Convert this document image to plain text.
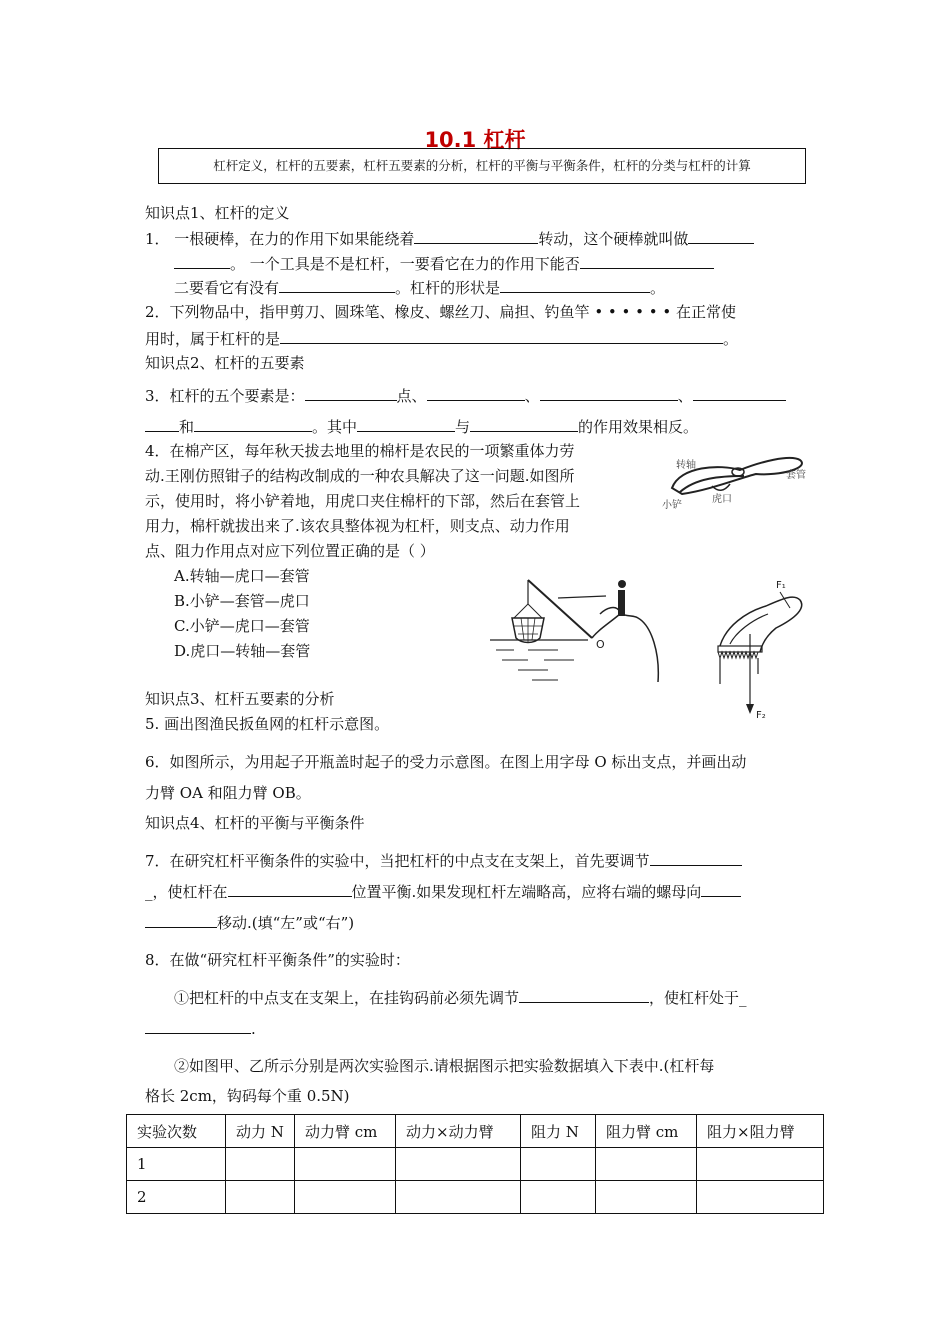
10.1 杠杆
杠杆定义，杠杆的五要素，杠杆五要素的分析，杠杆的平衡与平衡条件，杠杆的分类与杠杆的计算
知识点1、杠杆的定义
1． 一根硬棒，在力的作用下如果能绕着	转动，这个硬棒就叫做
。 一个工具是不是杠杆，一要看它在力的作用下能否
二要看它有没有	。杠杆的形状是	。
2．下列物品中，指甲剪刀、圆珠笔、橡皮、螺丝刀、扁担、钓鱼竿 • • • • • • 在正常使
用时，属于杠杆的是	。
知识点2、杠杆的五要素
3．杠杆的五个要素是：	点、	、	、
和	。其中	与	的作用效果相反。
4．在棉产区，每年秋天拔去地里的棉杆是农民的一项繁重体力劳
动.王刚仿照钳子的结构改制成的一种农具解决了这一问题.如图所
示，使用时，将小铲着地，用虎口夹住棉杆的下部，然后在套管上
用力，棉杆就拔出来了.该农具整体视为杠杆，则支点、动力作用
点、阻力作用点对应下列位置正确的是（ ）
A.转轴—虎口—套管
B.小铲—套管—虎口
C.小铲—虎口—套管
D.虎口—转轴—套管
转轴
套管
虎口
小铲
O
F₁
F₂
知识点3、杠杆五要素的分析
5. 画出图渔民扳鱼网的杠杆示意图。
6．如图所示，为用起子开瓶盖时起子的受力示意图。在图上用字母 O 标出支点，并画出动
力臂 OA 和阻力臂 OB。
知识点4、杠杆的平衡与平衡条件
7．在研究杠杆平衡条件的实验中，当把杠杆的中点支在支架上，首先要调节
_，使杠杆在	位置平衡.如果发现杠杆左端略高，应将右端的螺母向
移动.(填“左”或“右”)
8．在做“研究杠杆平衡条件”的实验时：
①把杠杆的中点支在支架上，在挂钩码前必须先调节	，使杠杆处于_
.
②如图甲、乙所示分别是两次实验图示.请根据图示把实验数据填入下表中.(杠杆每
格长 2cm，钩码每个重 0.5N)
实验次数	动力 N	动力臂 cm	动力×动力臂	阻力 N	阻力臂 cm	阻力×阻力臂
1						
2						
